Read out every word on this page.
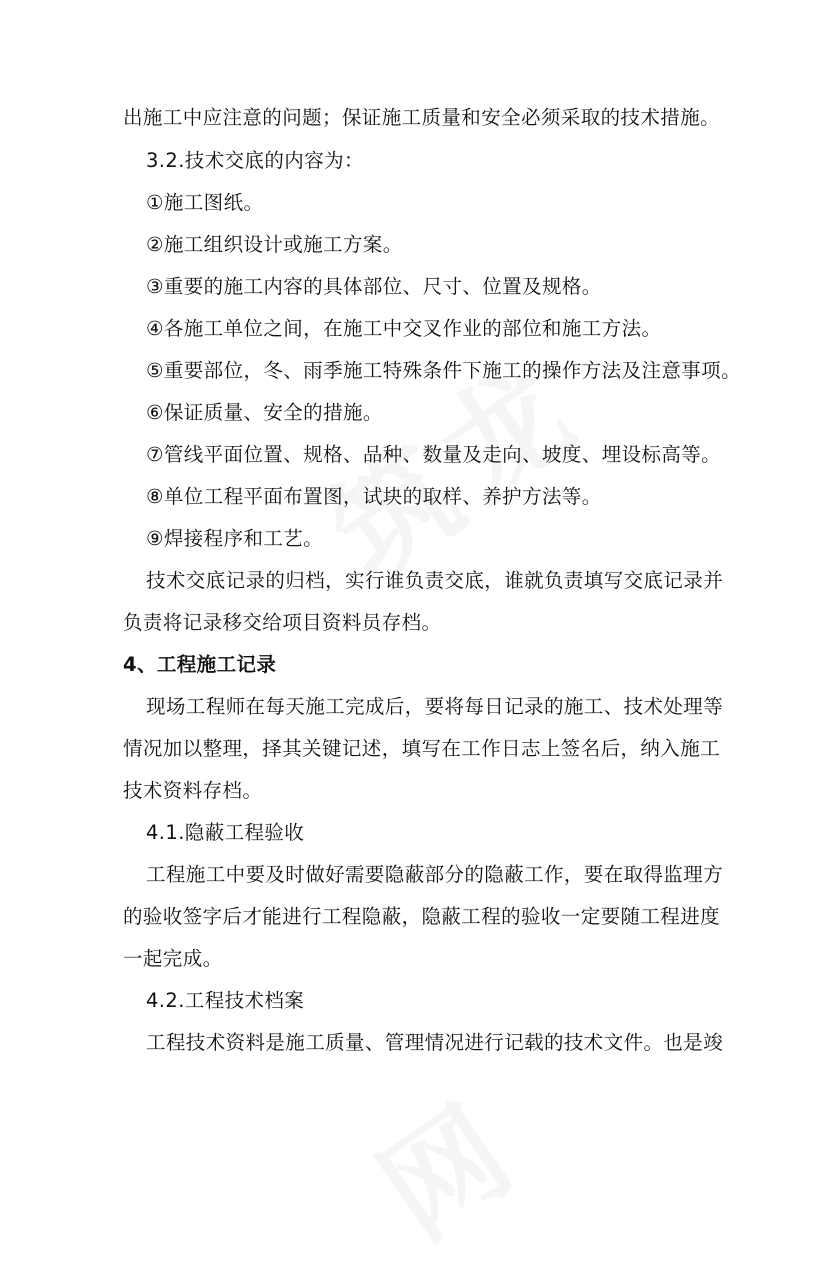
出施工中应注意的问题；保证施工质量和安全必须采取的技术措施。
3.2.技术交底的内容为：
①施工图纸。
②施工组织设计或施工方案。
③重要的施工内容的具体部位、尺寸、位置及规格。
④各施工单位之间，在施工中交叉作业的部位和施工方法。
⑤重要部位，冬、雨季施工特殊条件下施工的操作方法及注意事项。
⑥保证质量、安全的措施。
⑦管线平面位置、规格、品种、数量及走向、坡度、埋设标高等。
⑧单位工程平面布置图，试块的取样、养护方法等。
⑨焊接程序和工艺。
技术交底记录的归档，实行谁负责交底，谁就负责填写交底记录并
负责将记录移交给项目资料员存档。
4、工程施工记录
现场工程师在每天施工完成后，要将每日记录的施工、技术处理等
情况加以整理，择其关键记述，填写在工作日志上签名后，纳入施工
技术资料存档。
4.1.隐蔽工程验收
工程施工中要及时做好需要隐蔽部分的隐蔽工作，要在取得监理方
的验收签字后才能进行工程隐蔽，隐蔽工程的验收一定要随工程进度
一起完成。
4.2.工程技术档案
工程技术资料是施工质量、管理情况进行记载的技术文件。也是竣
